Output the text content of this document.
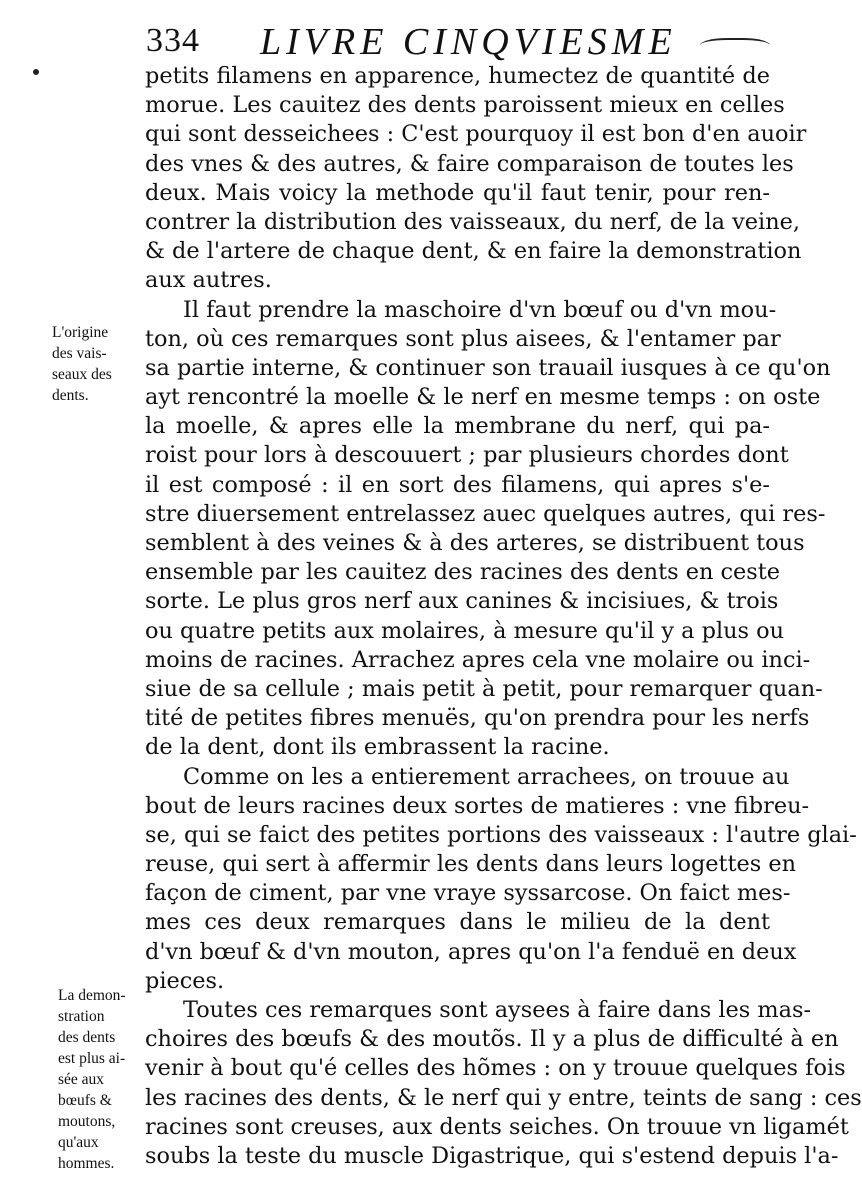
334 LIVRE CINQVIESME
petits filamens en apparence, humectez de quantité de
morue. Les cauitez des dents paroissent mieux en celles
qui sont desseichees : C'est pourquoy il est bon d'en auoir
des vnes & des autres, & faire comparaison de toutes les
deux. Mais voicy la methode qu'il faut tenir, pour ren-
contrer la distribution des vaisseaux, du nerf, de la veine,
& de l'artere de chaque dent, & en faire la demonstration
aux autres.
Il faut prendre la maschoire d'vn bœuf ou d'vn mou-
ton, où ces remarques sont plus aisees, & l'entamer par
sa partie interne, & continuer son trauail iusques à ce qu'on
ayt rencontré la moelle & le nerf en mesme temps : on oste
la moelle, & apres elle la membrane du nerf, qui pa-
roist pour lors à descouuert ; par plusieurs chordes dont
il est composé : il en sort des filamens, qui apres s'e-
stre diuersement entrelassez auec quelques autres, qui res-
semblent à des veines & à des arteres, se distribuent tous
ensemble par les cauitez des racines des dents en ceste
sorte. Le plus gros nerf aux canines & incisiues, & trois
ou quatre petits aux molaires, à mesure qu'il y a plus ou
moins de racines. Arrachez apres cela vne molaire ou inci-
siue de sa cellule ; mais petit à petit, pour remarquer quan-
tité de petites fibres menuës, qu'on prendra pour les nerfs
de la dent, dont ils embrassent la racine.
Comme on les a entierement arrachees, on trouue au
bout de leurs racines deux sortes de matieres : vne fibreu-
se, qui se faict des petites portions des vaisseaux : l'autre glai-
reuse, qui sert à affermir les dents dans leurs logettes en
façon de ciment, par vne vraye syssarcose. On faict mes-
mes ces deux remarques dans le milieu de la dent
d'vn bœuf & d'vn mouton, apres qu'on l'a fenduë en deux
pieces.
Toutes ces remarques sont aysees à faire dans les mas-
choires des bœufs & des moutõs. Il y a plus de difficulté à en
venir à bout qu'é celles des hõmes : on y trouue quelques fois
les racines des dents, & le nerf qui y entre, teints de sang : ces
racines sont creuses, aux dents seiches. On trouue vn ligamét
soubs la teste du muscle Digastrique, qui s'estend depuis l'a-
L'origine
des vais-
seaux des
dents.
La demon-
stration
des dents
est plus ai-
sée aux
bœufs &
moutons,
qu'aux
hommes.
